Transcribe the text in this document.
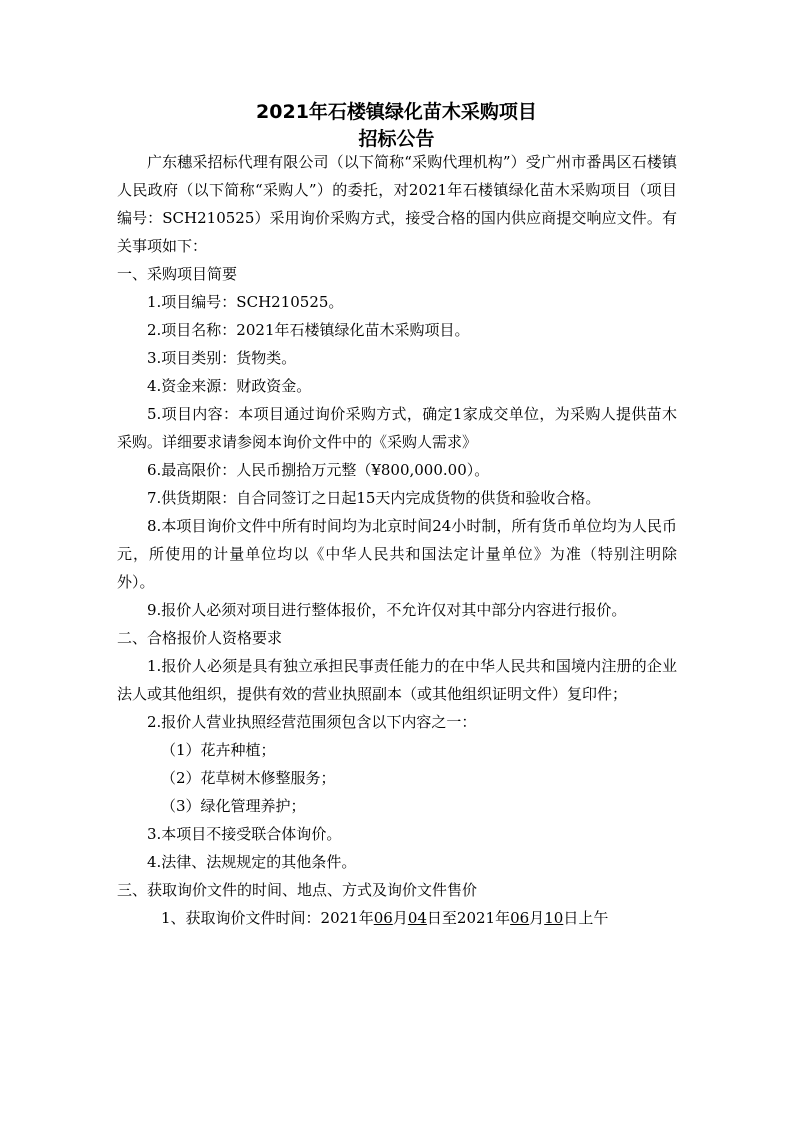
2021年石楼镇绿化苗木采购项目
招标公告

广东穗采招标代理有限公司（以下简称“采购代理机构”）受广州市番禺区石楼镇人民政府（以下简称“采购人”）的委托，对2021年石楼镇绿化苗木采购项目（项目编号：SCH210525）采用询价采购方式，接受合格的国内供应商提交响应文件。有关事项如下：

一、采购项目简要

1.项目编号：SCH210525。

2.项目名称：2021年石楼镇绿化苗木采购项目。

3.项目类别：货物类。

4.资金来源：财政资金。

5.项目内容：本项目通过询价采购方式，确定1家成交单位，为采购人提供苗木采购。详细要求请参阅本询价文件中的《采购人需求》

6.最高限价：人民币捌拾万元整（¥800,000.00）。

7.供货期限：自合同签订之日起15天内完成货物的供货和验收合格。

8.本项目询价文件中所有时间均为北京时间24小时制，所有货币单位均为人民币元，所使用的计量单位均以《中华人民共和国法定计量单位》为准（特别注明除外）。

9.报价人必须对项目进行整体报价，不允许仅对其中部分内容进行报价。

二、合格报价人资格要求

1.报价人必须是具有独立承担民事责任能力的在中华人民共和国境内注册的企业法人或其他组织，提供有效的营业执照副本（或其他组织证明文件）复印件；

2.报价人营业执照经营范围须包含以下内容之一：

（1）花卉种植；

（2）花草树木修整服务；

（3）绿化管理养护；

3.本项目不接受联合体询价。

4.法律、法规规定的其他条件。

三、获取询价文件的时间、地点、方式及询价文件售价

1、获取询价文件时间：2021年06月04日至2021年06月10日上午
